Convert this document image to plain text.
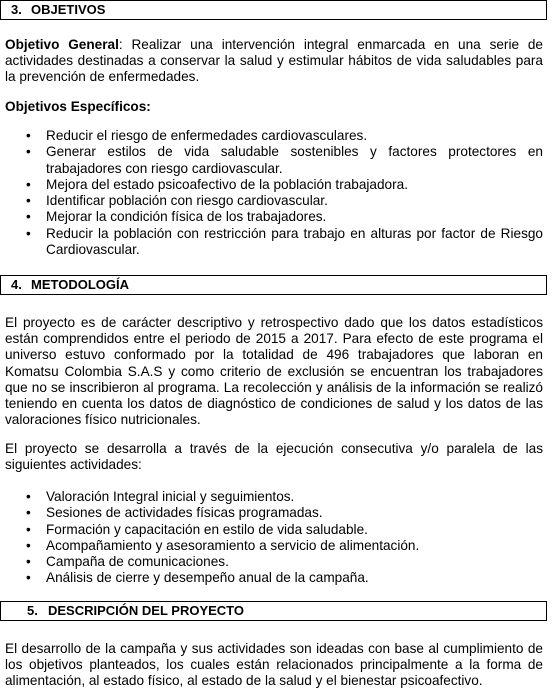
3. OBJETIVOS

Objetivo General: Realizar una intervención integral enmarcada en una serie de actividades destinadas a conservar la salud y estimular hábitos de vida saludables para la prevención de enfermedades.

Objetivos Específicos:

• Reducir el riesgo de enfermedades cardiovasculares.
• Generar estilos de vida saludable sostenibles y factores protectores en trabajadores con riesgo cardiovascular.
• Mejora del estado psicoafectivo de la población trabajadora.
• Identificar población con riesgo cardiovascular.
• Mejorar la condición física de los trabajadores.
• Reducir la población con restricción para trabajo en alturas por factor de Riesgo Cardiovascular.
4. METODOLOGÍA

El proyecto es de carácter descriptivo y retrospectivo dado que los datos estadísticos están comprendidos entre el periodo de 2015 a 2017. Para efecto de este programa el universo estuvo conformado por la totalidad de 496 trabajadores que laboran en Komatsu Colombia S.A.S y como criterio de exclusión se encuentran los trabajadores que no se inscribieron al programa. La recolección y análisis de la información se realizó teniendo en cuenta los datos de diagnóstico de condiciones de salud y los datos de las valoraciones físico nutricionales.

El proyecto se desarrolla a través de la ejecución consecutiva y/o paralela de las siguientes actividades:

• Valoración Integral inicial y seguimientos.
• Sesiones de actividades físicas programadas.
• Formación y capacitación en estilo de vida saludable.
• Acompañamiento y asesoramiento a servicio de alimentación.
• Campaña de comunicaciones.
• Análisis de cierre y desempeño anual de la campaña.
5. DESCRIPCIÓN DEL PROYECTO

El desarrollo de la campaña y sus actividades son ideadas con base al cumplimiento de los objetivos planteados, los cuales están relacionados principalmente a la forma de alimentación, al estado físico, al estado de la salud y el bienestar psicoafectivo.
